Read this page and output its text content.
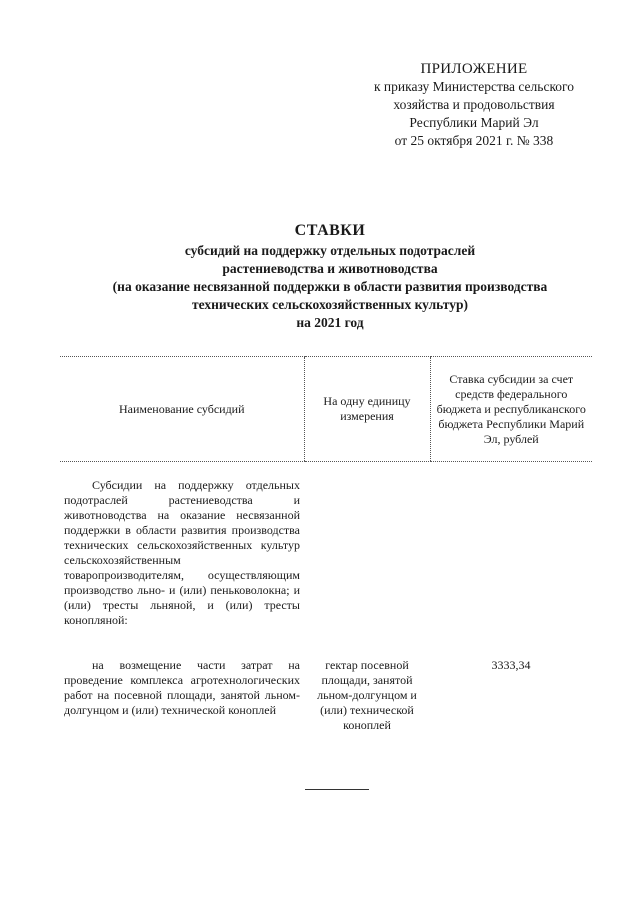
ПРИЛОЖЕНИЕ
к приказу Министерства сельского
хозяйства и продовольствия
Республики Марий Эл
от 25 октября 2021 г. № 338
СТАВКИ
субсидий на поддержку отдельных подотраслей
растениеводства и животноводства
(на оказание несвязанной поддержки в области развития производства
технических сельскохозяйственных культур)
на 2021 год
Наименование субсидий	На одну единицу измерения	Ставка субсидии за счет средств федерального бюджета и республиканского бюджета Республики Марий Эл, рублей
Субсидии на поддержку отдельных подотраслей растениеводства и животноводства на оказание несвязанной поддержки в области развития производства технических сельскохозяйственных культур сельскохозяйственным товаропроизводителям, осуществляющим производство льно- и (или) пеньковолокна; и (или) тресты льняной, и (или) тресты конопляной:		
на возмещение части затрат на проведение комплекса агротехнологических работ на посевной площади, занятой льном-долгунцом и (или) технической коноплей	гектар посевной площади, занятой льном-долгунцом и (или) технической коноплей	3333,34
